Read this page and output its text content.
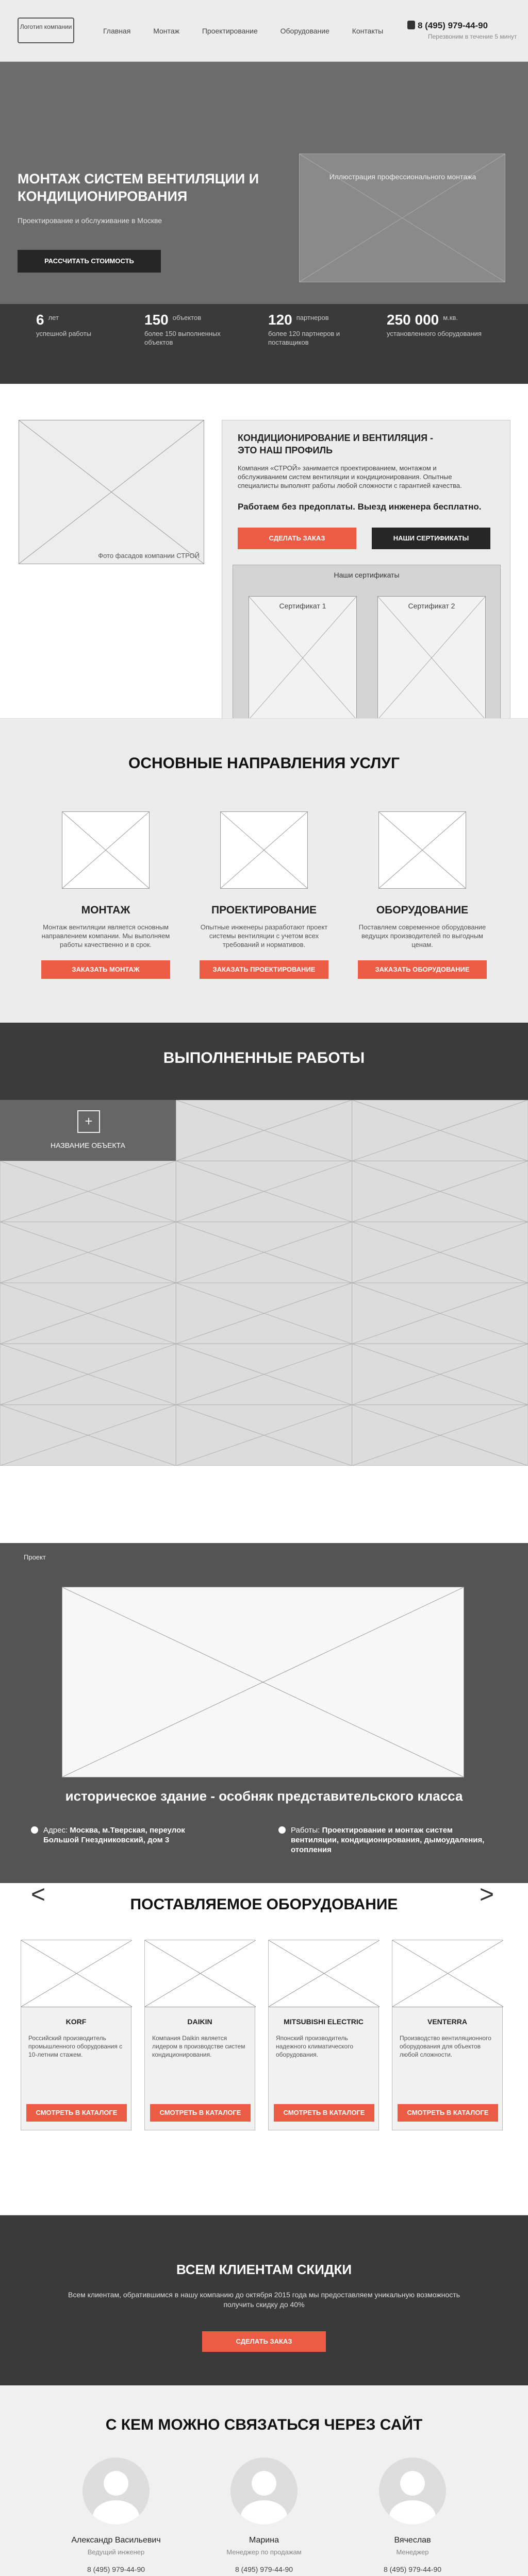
Логотип компании	Главная	Монтаж	Проектирование	Оборудование	Контакты
8 (495) 979-44-90
Перезвоним в течение 5 минут
МОНТАЖ СИСТЕМ ВЕНТИЛЯЦИИ И КОНДИЦИОНИРОВАНИЯ
Проектирование и обслуживание в Москве
РАССЧИТАТЬ СТОИМОСТЬ
Иллюстрация профессионального монтажа
6 лет
успешной работы
150 объектов
более 150 выполненных объектов
120 партнеров
более 120 партнеров и поставщиков
250 000 м.кв.
установленного оборудования
Фото фасадов компании СТРОЙ
КОНДИЦИОНИРОВАНИЕ И ВЕНТИЛЯЦИЯ - ЭТО НАШ ПРОФИЛЬ
Компания «СТРОЙ» занимается проектированием, монтажом и обслуживанием систем вентиляции и кондиционирования. Опытные специалисты выполнят работы любой сложности с гарантией качества.
Работаем без предоплаты. Выезд инженера бесплатно.
СДЕЛАТЬ ЗАКАЗ	НАШИ СЕРТИФИКАТЫ
Наши сертификаты
Сертификат 1	Сертификат 2
ОСНОВНЫЕ НАПРАВЛЕНИЯ УСЛУГ
МОНТАЖ
Монтаж вентиляции является основным направлением компании. Мы выполняем работы качественно и в срок.
ЗАКАЗАТЬ МОНТАЖ
ПРОЕКТИРОВАНИЕ
Опытные инженеры разработают проект системы вентиляции с учетом всех требований и нормативов.
ЗАКАЗАТЬ ПРОЕКТИРОВАНИЕ
ОБОРУДОВАНИЕ
Поставляем современное оборудование ведущих производителей по выгодным ценам.
ЗАКАЗАТЬ ОБОРУДОВАНИЕ
ВЫПОЛНЕННЫЕ РАБОТЫ
+
НАЗВАНИЕ ОБЪЕКТА
Проект
историческое здание - особняк представительского класса
Адрес: Москва, м.Тверская, переулок Большой Гнездниковский, дом 3
Работы: Проектирование и монтаж систем вентиляции, кондиционирования, дымоудаления, отопления
<	ПОСТАВЛЯЕМОЕ ОБОРУДОВАНИЕ	>
KORF
Российский производитель промышленного оборудования с 10-летним стажем.
СМОТРЕТЬ В КАТАЛОГЕ
DAIKIN
Компания Daikin является лидером в производстве систем кондиционирования.
СМОТРЕТЬ В КАТАЛОГЕ
MITSUBISHI ELECTRIC
Японский производитель надежного климатического оборудования.
СМОТРЕТЬ В КАТАЛОГЕ
VENTERRA
Производство вентиляционного оборудования для объектов любой сложности.
СМОТРЕТЬ В КАТАЛОГЕ
ВСЕМ КЛИЕНТАМ СКИДКИ
Всем клиентам, обратившимся в нашу компанию до октября 2015 года мы предоставляем уникальную возможность получить скидку до 40%
СДЕЛАТЬ ЗАКАЗ
С КЕМ МОЖНО СВЯЗАТЬСЯ ЧЕРЕЗ САЙТ
Александр Васильевич
Ведущий инженер
8 (495) 979-44-90
Марина
Менеджер по продажам
8 (495) 979-44-90
Вячеслав
Менеджер
8 (495) 979-44-90
